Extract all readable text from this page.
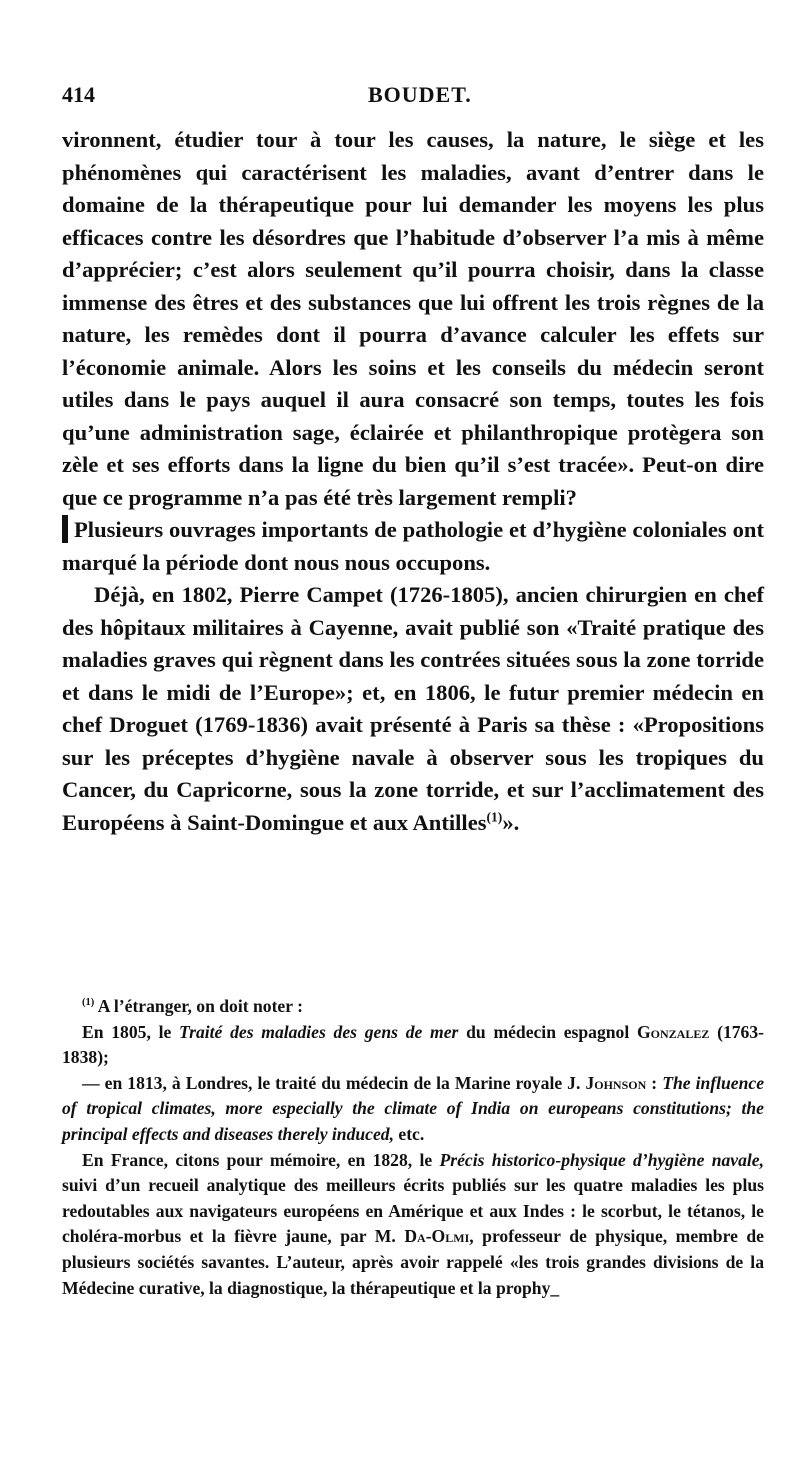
414	BOUDET.

vironnent, étudier tour à tour les causes, la nature, le siège et les phénomènes qui caractérisent les maladies, avant d’entrer dans le domaine de la thérapeutique pour lui demander les moyens les plus efficaces contre les désordres que l’habitude d’observer l’a mis à même d’apprécier; c’est alors seulement qu’il pourra choisir, dans la classe immense des êtres et des substances que lui offrent les trois règnes de la nature, les remèdes dont il pourra d’avance calculer les effets sur l’économie animale. Alors les soins et les conseils du médecin seront utiles dans le pays auquel il aura consacré son temps, toutes les fois qu’une administration sage, éclairée et philanthropique protègera son zèle et ses efforts dans la ligne du bien qu’il s’est tracée». Peut-on dire que ce programme n’a pas été très largement rempli?

Plusieurs ouvrages importants de pathologie et d’hygiène coloniales ont marqué la période dont nous nous occupons.

Déjà, en 1802, Pierre Campet (1726-1805), ancien chirurgien en chef des hôpitaux militaires à Cayenne, avait publié son «Traité pratique des maladies graves qui règnent dans les contrées situées sous la zone torride et dans le midi de l’Europe»; et, en 1806, le futur premier médecin en chef Droguet (1769-1836) avait présenté à Paris sa thèse : «Propositions sur les préceptes d’hygiène navale à observer sous les tropiques du Cancer, du Capricorne, sous la zone torride, et sur l’acclimatement des Européens à Saint-Domingue et aux Antilles$^{(1)}$».

$^{(1)}$ A l’étranger, on doit noter :

En 1805, le Traité des maladies des gens de mer du médecin espagnol Gonzalez (1763-1838);

— en 1813, à Londres, le traité du médecin de la Marine royale J. Johnson : The influence of tropical climates, more especially the climate of India on europeans constitutions; the principal effects and diseases therely induced, etc.

En France, citons pour mémoire, en 1828, le Précis historico-physique d’hygiène navale, suivi d’un recueil analytique des meilleurs écrits publiés sur les quatre maladies les plus redoutables aux navigateurs européens en Amérique et aux Indes : le scorbut, le tétanos, le choléra-morbus et la fièvre jaune, par M. Da-Olmi, professeur de physique, membre de plusieurs sociétés savantes. L’auteur, après avoir rappelé «les trois grandes divisions de la Médecine curative, la diagnostique, la thérapeutique et la prophy_
